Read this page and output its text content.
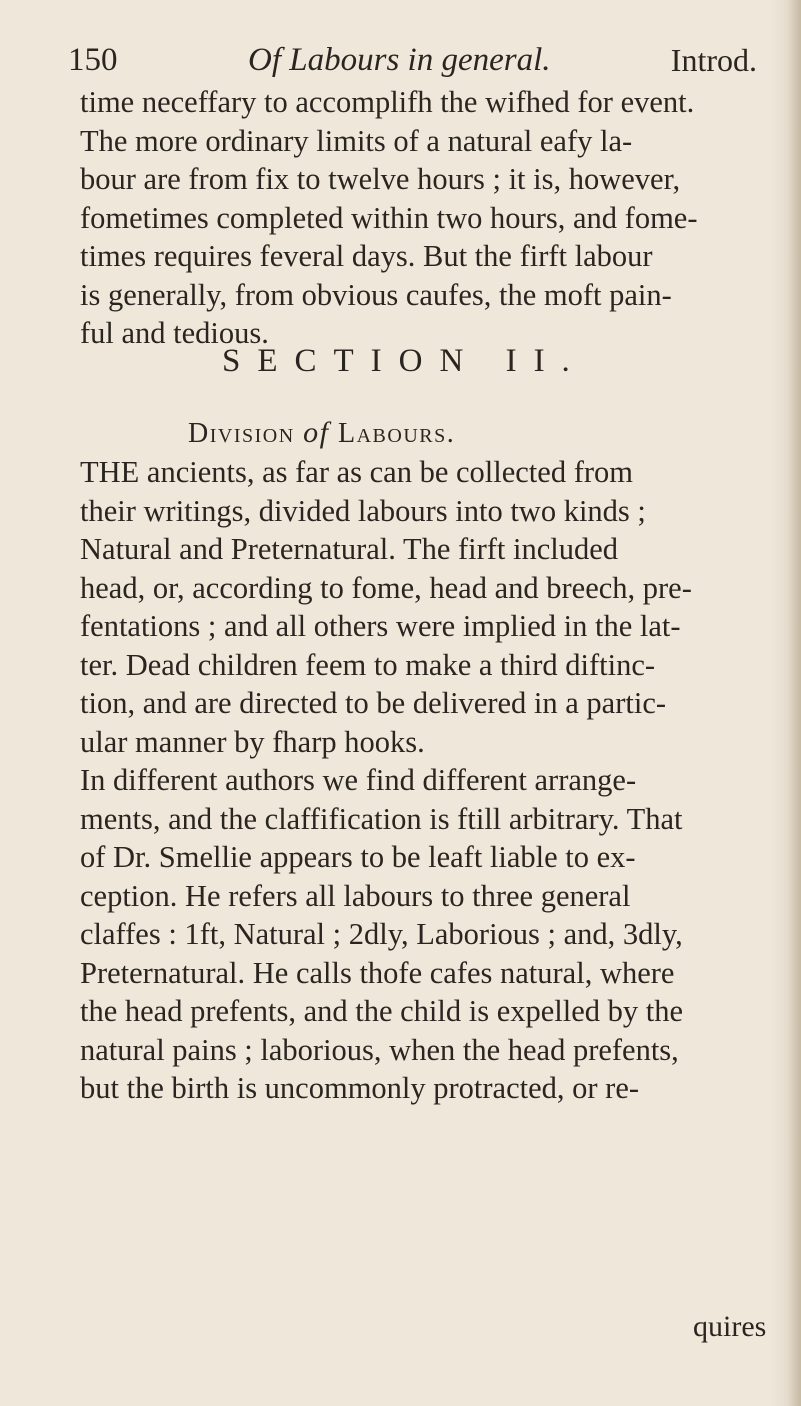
150	Of Labours in general.	Introd.
time neceffary to accomplifh the wifhed for event.
The more ordinary limits of a natural eafy la-
bour are from fix to twelve hours ; it is, however,
fometimes completed within two hours, and fome-
times requires feveral days. But the firft labour
is generally, from obvious caufes, the moft pain-
ful and tedious.
SECTION II.
Division of Labours.
THE ancients, as far as can be collected from
their writings, divided labours into two kinds ;
Natural and Preternatural. The firft included
head, or, according to fome, head and breech, pre-
fentations ; and all others were implied in the lat-
ter. Dead children feem to make a third diftinc-
tion, and are directed to be delivered in a partic-
ular manner by fharp hooks.
In different authors we find different arrange-
ments, and the claffification is ftill arbitrary. That
of Dr. Smellie appears to be leaft liable to ex-
ception. He refers all labours to three general
claffes : 1ft, Natural ; 2dly, Laborious ; and, 3dly,
Preternatural. He calls thofe cafes natural, where
the head prefents, and the child is expelled by the
natural pains ; laborious, when the head prefents,
but the birth is uncommonly protracted, or re-
quires
